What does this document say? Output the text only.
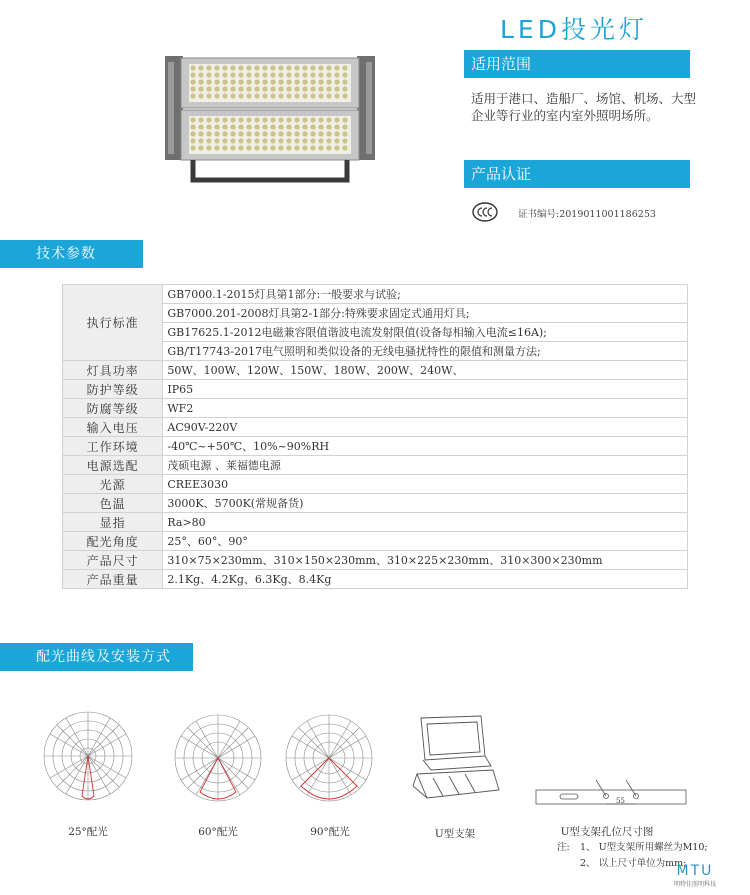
LED投光灯
适用范围
适用于港口、造船厂、场馆、机场、大型企业等行业的室内室外照明场所。
产品认证
证书编号:2019011001186253
技术参数
执行标准	GB7000.1-2015灯具第1部分:一般要求与试验;
	GB7000.201-2008灯具第2-1部分:特殊要求固定式通用灯具;
	GB17625.1-2012电磁兼容限值谐波电流发射限值(设备每相输入电流≤16A);
	GB/T17743-2017电气照明和类似设备的无线电骚扰特性的限值和测量方法;
灯具功率	50W、100W、120W、150W、180W、200W、240W、
防护等级	IP65
防腐等级	WF2
输入电压	AC90V-220V
工作环境	-40℃~+50℃、10%~90%RH
电源选配	茂硕电源 、莱福德电源
光源	CREE3030
色温	3000K、5700K(常规备货)
显指	Ra>80
配光角度	25°、60°、90°
产品尺寸	310×75×230mm、310×150×230mm、310×225×230mm、310×300×230mm
产品重量	2.1Kg、4.2Kg、6.3Kg、8.4Kg
配光曲线及安装方式
25°配光	60°配光	90°配光	U型支架
55
U型支架孔位尺寸图
注: 1、 U型支架所用螺丝为M10;
2、 以上尺寸单位为mm;
MTU
明特佳照明科技
